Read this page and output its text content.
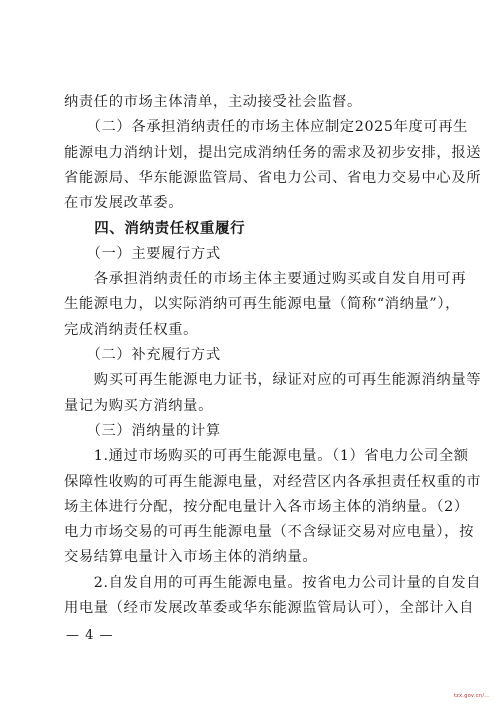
纳责任的市场主体清单，主动接受社会监督。
　　（二）各承担消纳责任的市场主体应制定2025年度可再生
能源电力消纳计划，提出完成消纳任务的需求及初步安排，报送
省能源局、华东能源监管局、省电力公司、省电力交易中心及所
在市发展改革委。
　　四、消纳责任权重履行
　　（一）主要履行方式
　　各承担消纳责任的市场主体主要通过购买或自发自用可再
生能源电力，以实际消纳可再生能源电量（简称“消纳量”），
完成消纳责任权重。
　　（二）补充履行方式
　　购买可再生能源电力证书，绿证对应的可再生能源消纳量等
量记为购买方消纳量。
　　（三）消纳量的计算
　　1.通过市场购买的可再生能源电量。（1）省电力公司全额
保障性收购的可再生能源电量，对经营区内各承担责任权重的市
场主体进行分配，按分配电量计入各市场主体的消纳量。（2）
电力市场交易的可再生能源电量（不含绿证交易对应电量），按
交易结算电量计入市场主体的消纳量。
　　2.自发自用的可再生能源电量。按省电力公司计量的自发自
用电量（经市发展改革委或华东能源监管局认可），全部计入自
— 4 —
tzx.gov.cn/...
